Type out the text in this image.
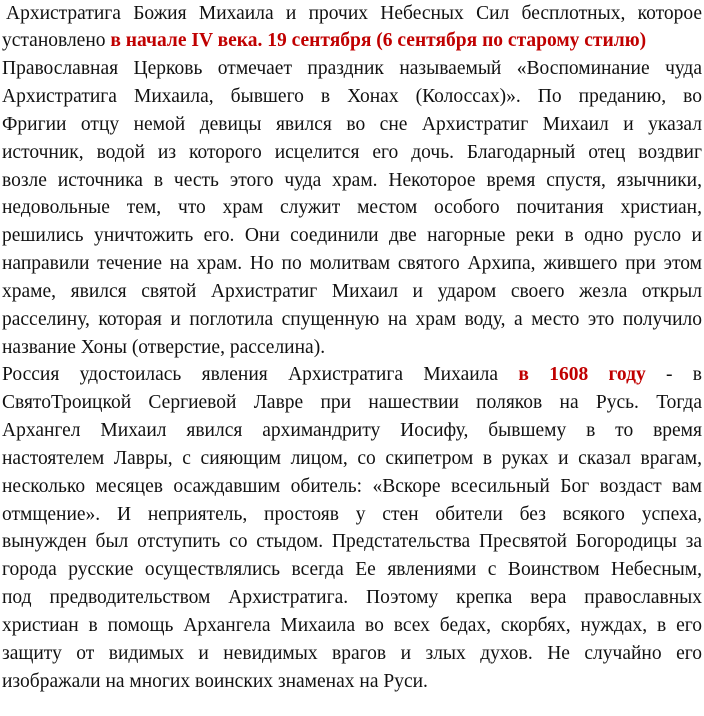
Архистратига Божия Михаила и прочих Небесных Сил бесплотных, которое
установлено в начале IV века. 19 сентября (6 сентября по старому стилю)
Православная Церковь отмечает праздник называемый «Воспоминание чуда
Архистратига Михаила, бывшего в Хонах (Колоссах)». По преданию, во
Фригии отцу немой девицы явился во сне Архистратиг Михаил и указал
источник, водой из которого исцелится его дочь. Благодарный отец воздвиг
возле источника в честь этого чуда храм. Некоторое время спустя, язычники,
недовольные тем, что храм служит местом особого почитания христиан,
решились уничтожить его. Они соединили две нагорные реки в одно русло и
направили течение на храм. Но по молитвам святого Архипа, жившего при этом
храме, явился святой Архистратиг Михаил и ударом своего жезла открыл
расселину, которая и поглотила спущенную на храм воду, а место это получило
название Хоны (отверстие, расселина).
Россия удостоилась явления Архистратига Михаила в 1608 году - в
СвятоТроицкой Сергиевой Лавре при нашествии поляков на Русь. Тогда
Архангел Михаил явился архимандриту Иосифу, бывшему в то время
настоятелем Лавры, с сияющим лицом, со скипетром в руках и сказал врагам,
несколько месяцев осаждавшим обитель: «Вскоре всесильный Бог воздаст вам
отмщение». И неприятель, простояв у стен обители без всякого успеха,
вынужден был отступить со стыдом. Предстательства Пресвятой Богородицы за
города русские осуществлялись всегда Ее явлениями с Воинством Небесным,
под предводительством Архистратига. Поэтому крепка вера православных
христиан в помощь Архангела Михаила во всех бедах, скорбях, нуждах, в его
защиту от видимых и невидимых врагов и злых духов. Не случайно его
изображали на многих воинских знаменах на Руси.
